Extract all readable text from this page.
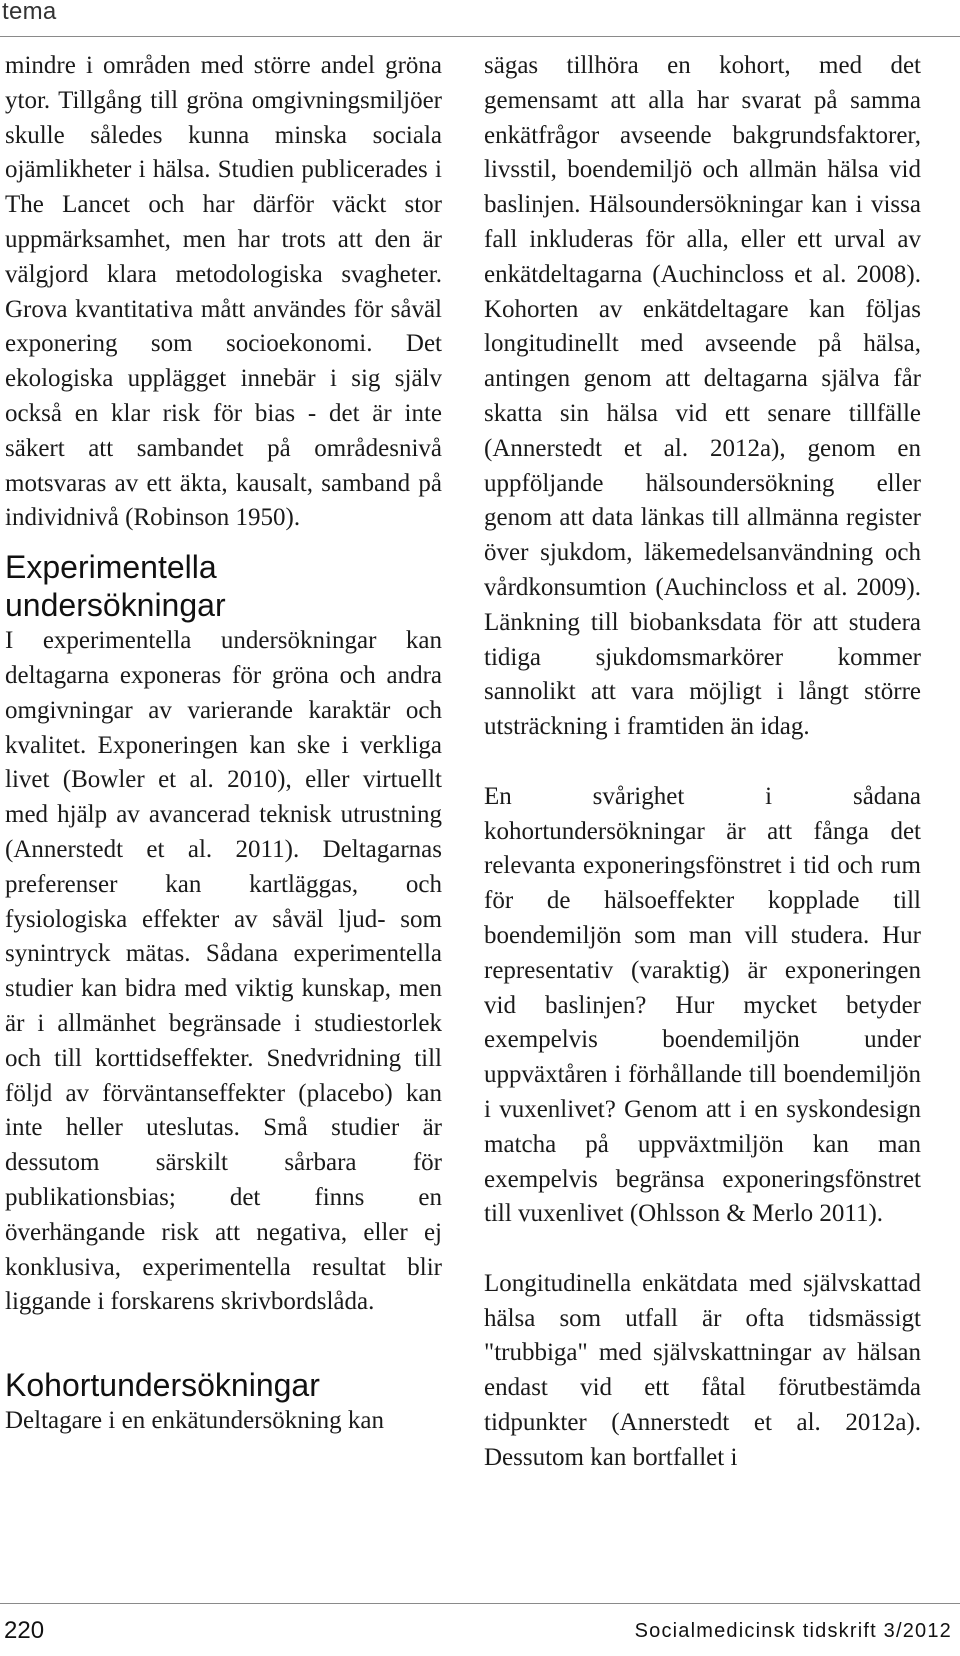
tema

mindre i områden med större andel gröna ytor. Tillgång till gröna omgivningsmiljöer skulle således kunna minska sociala ojämlikheter i hälsa. Studien publicerades i The Lancet och har därför väckt stor uppmärksamhet, men har trots att den är välgjord klara metodologiska svagheter. Grova kvantitativa mått användes för såväl exponering som socioekonomi. Det ekologiska upplägget innebär i sig själv också en klar risk för bias - det är inte säkert att sambandet på områdesnivå motsvaras av ett äkta, kausalt, samband på individnivå (Robinson 1950).

Experimentella undersökningar

I experimentella undersökningar kan deltagarna exponeras för gröna och andra omgivningar av varierande karaktär och kvalitet. Exponeringen kan ske i verkliga livet (Bowler et al. 2010), eller virtuellt med hjälp av avancerad teknisk utrustning (Annerstedt et al. 2011). Deltagarnas preferenser kan kartläggas, och fysiologiska effekter av såväl ljud- som synintryck mätas. Sådana experimentella studier kan bidra med viktig kunskap, men är i allmänhet begränsade i studiestorlek och till korttidseffekter. Snedvridning till följd av förväntanseffekter (placebo) kan inte heller uteslutas. Små studier är dessutom särskilt sårbara för publikationsbias; det finns en överhängande risk att negativa, eller ej konklusiva, experimentella resultat blir liggande i forskarens skrivbordslåda.

Kohortundersökningar

Deltagare i en enkätundersökning kan

sägas tillhöra en kohort, med det gemensamt att alla har svarat på samma enkätfrågor avseende bakgrundsfaktorer, livsstil, boendemiljö och allmän hälsa vid baslinjen. Hälsoundersökningar kan i vissa fall inkluderas för alla, eller ett urval av enkätdeltagarna (Auchincloss et al. 2008). Kohorten av enkätdeltagare kan följas longitudinellt med avseende på hälsa, antingen genom att deltagarna själva får skatta sin hälsa vid ett senare tillfälle (Annerstedt et al. 2012a), genom en uppföljande hälsoundersökning eller genom att data länkas till allmänna register över sjukdom, läkemedelsanvändning och vårdkonsumtion (Auchincloss et al. 2009). Länkning till biobanksdata för att studera tidiga sjukdomsmarkörer kommer sannolikt att vara möjligt i långt större utsträckning i framtiden än idag.

En svårighet i sådana kohortundersökningar är att fånga det relevanta exponeringsfönstret i tid och rum för de hälsoeffekter kopplade till boendemiljön som man vill studera. Hur representativ (varaktig) är exponeringen vid baslinjen? Hur mycket betyder exempelvis boendemiljön under uppväxtåren i förhållande till boendemiljön i vuxenlivet? Genom att i en syskondesign matcha på uppväxtmiljön kan man exempelvis begränsa exponeringsfönstret till vuxenlivet (Ohlsson & Merlo 2011).

Longitudinella enkätdata med självskattad hälsa som utfall är ofta tidsmässigt "trubbiga" med självskattningar av hälsan endast vid ett fåtal förutbestämda tidpunkter (Annerstedt et al. 2012a). Dessutom kan bortfallet i

220	Socialmedicinsk tidskrift 3/2012
